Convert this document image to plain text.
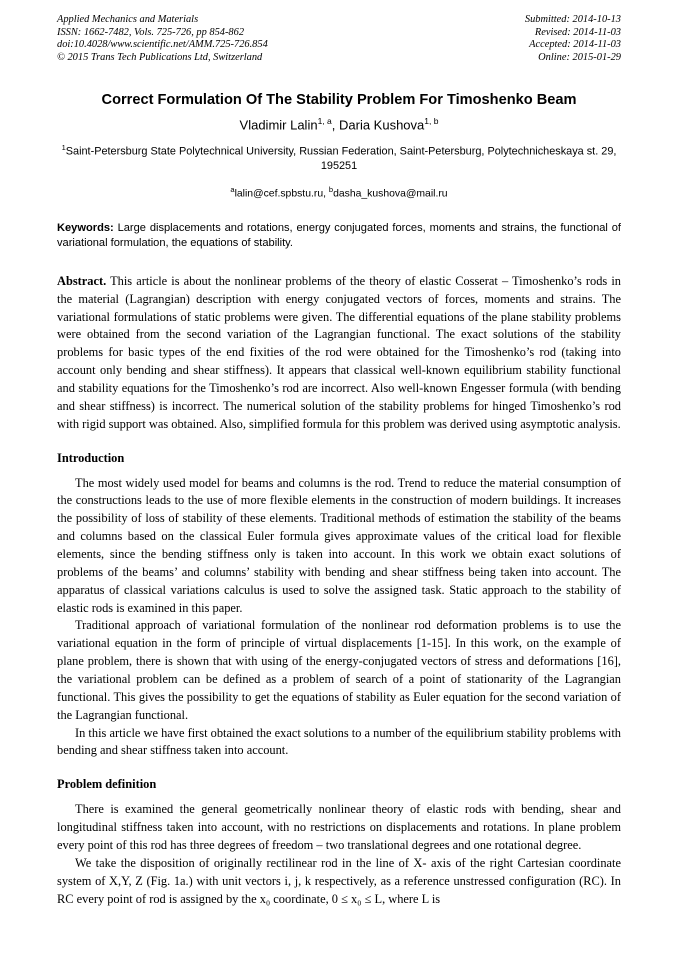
Applied Mechanics and Materials
ISSN: 1662-7482, Vols. 725-726, pp 854-862
doi:10.4028/www.scientific.net/AMM.725-726.854
© 2015 Trans Tech Publications Ltd, Switzerland
Submitted: 2014-10-13
Revised: 2014-11-03
Accepted: 2014-11-03
Online: 2015-01-29
Correct Formulation Of The Stability Problem For Timoshenko Beam
Vladimir Lalin$^{1, a}$, Daria Kushova$^{1, b}$
$^1$Saint-Petersburg State Polytechnical University, Russian Federation, Saint-Petersburg, Polytechnicheskaya st. 29, 195251
$^a$lalin@cef.spbstu.ru, $^b$dasha_kushova@mail.ru
Keywords: Large displacements and rotations, energy conjugated forces, moments and strains, the functional of variational formulation, the equations of stability.
Abstract. This article is about the nonlinear problems of the theory of elastic Cosserat – Timoshenko’s rods in the material (Lagrangian) description with energy conjugated vectors of forces, moments and strains. The variational formulations of static problems were given. The differential equations of the plane stability problems were obtained from the second variation of the Lagrangian functional. The exact solutions of the stability problems for basic types of the end fixities of the rod were obtained for the Timoshenko’s rod (taking into account only bending and shear stiffness). It appears that classical well-known equilibrium stability functional and stability equations for the Timoshenko’s rod are incorrect. Also well-known Engesser formula (with bending and shear stiffness) is incorrect. The numerical solution of the stability problems for hinged Timoshenko’s rod with rigid support was obtained. Also, simplified formula for this problem was derived using asymptotic analysis.
Introduction

The most widely used model for beams and columns is the rod. Trend to reduce the material consumption of the constructions leads to the use of more flexible elements in the construction of modern buildings. It increases the possibility of loss of stability of these elements. Traditional methods of estimation the stability of the beams and columns based on the classical Euler formula gives approximate values of the critical load for flexible elements, since the bending stiffness only is taken into account. In this work we obtain exact solutions of problems of the beams’ and columns’ stability with bending and shear stiffness being taken into account. The apparatus of classical variations calculus is used to solve the assigned task. Static approach to the stability of elastic rods is examined in this paper.

Traditional approach of variational formulation of the nonlinear rod deformation problems is to use the variational equation in the form of principle of virtual displacements [1-15]. In this work, on the example of plane problem, there is shown that with using of the energy-conjugated vectors of stress and deformations [16], the variational problem can be defined as a problem of search of a point of stationarity of the Lagrangian functional. This gives the possibility to get the equations of stability as Euler equation for the second variation of the Lagrangian functional.

In this article we have first obtained the exact solutions to a number of the equilibrium stability problems with bending and shear stiffness taken into account.

Problem definition

There is examined the general geometrically nonlinear theory of elastic rods with bending, shear and longitudinal stiffness taken into account, with no restrictions on displacements and rotations. In plane problem every point of this rod has three degrees of freedom – two translational degrees and one rotational degree.

We take the disposition of originally rectilinear rod in the line of X- axis of the right Cartesian coordinate system of X,Y, Z (Fig. 1a.) with unit vectors i, j, k respectively, as a reference unstressed configuration (RC). In RC every point of rod is assigned by the x₀ coordinate, 0 ≤ x₀ ≤ L, where L is
